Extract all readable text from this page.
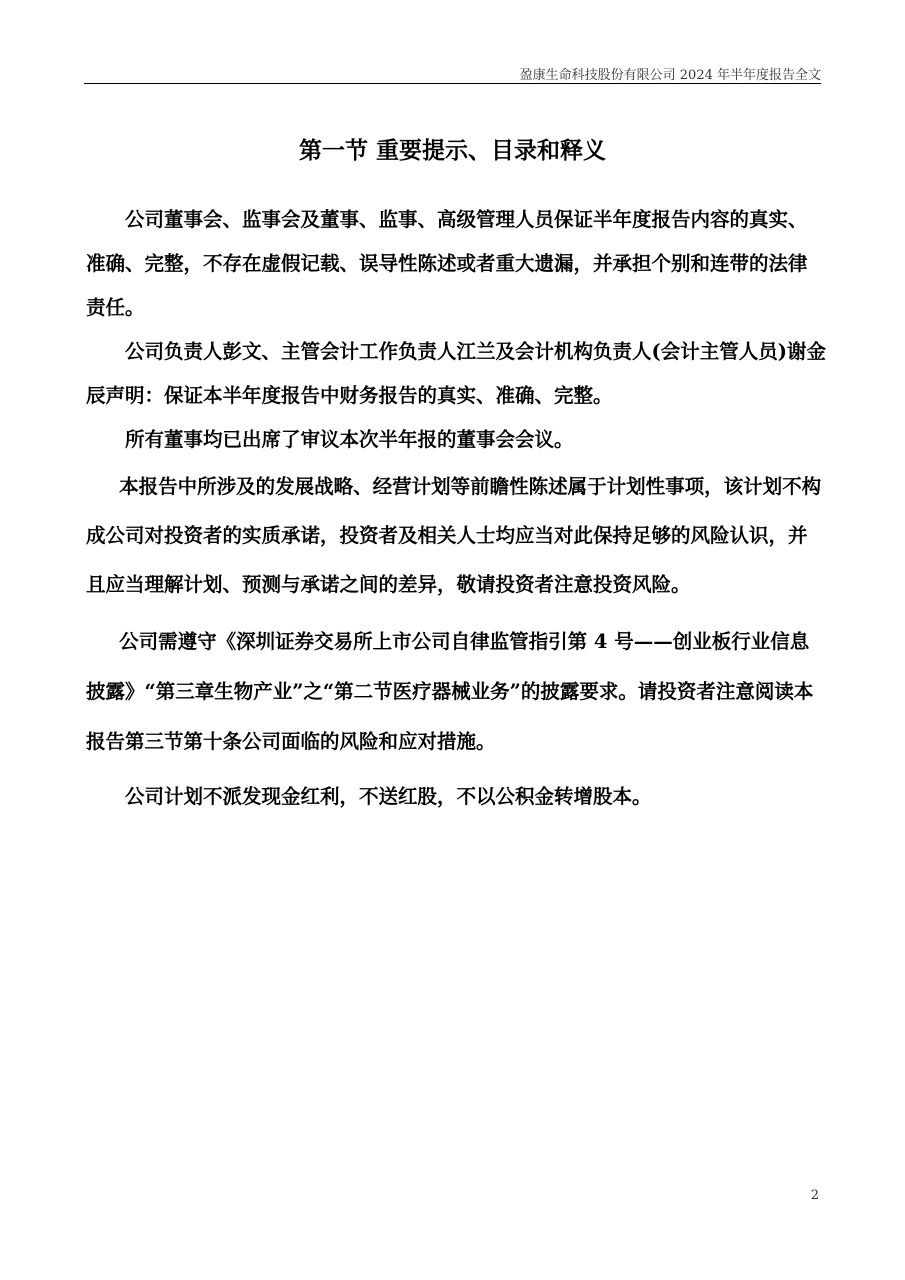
盈康生命科技股份有限公司 2024 年半年度报告全文
第一节 重要提示、目录和释义

公司董事会、监事会及董事、监事、高级管理人员保证半年度报告内容的真实、准确、完整，不存在虚假记载、误导性陈述或者重大遗漏，并承担个别和连带的法律责任。

公司负责人彭文、主管会计工作负责人江兰及会计机构负责人(会计主管人员)谢金辰声明：保证本半年度报告中财务报告的真实、准确、完整。

所有董事均已出席了审议本次半年报的董事会会议。

本报告中所涉及的发展战略、经营计划等前瞻性陈述属于计划性事项，该计划不构成公司对投资者的实质承诺，投资者及相关人士均应当对此保持足够的风险认识，并且应当理解计划、预测与承诺之间的差异，敬请投资者注意投资风险。

公司需遵守《深圳证券交易所上市公司自律监管指引第 4 号——创业板行业信息披露》“第三章生物产业”之“第二节医疗器械业务”的披露要求。请投资者注意阅读本报告第三节第十条公司面临的风险和应对措施。

公司计划不派发现金红利，不送红股，不以公积金转增股本。

2
